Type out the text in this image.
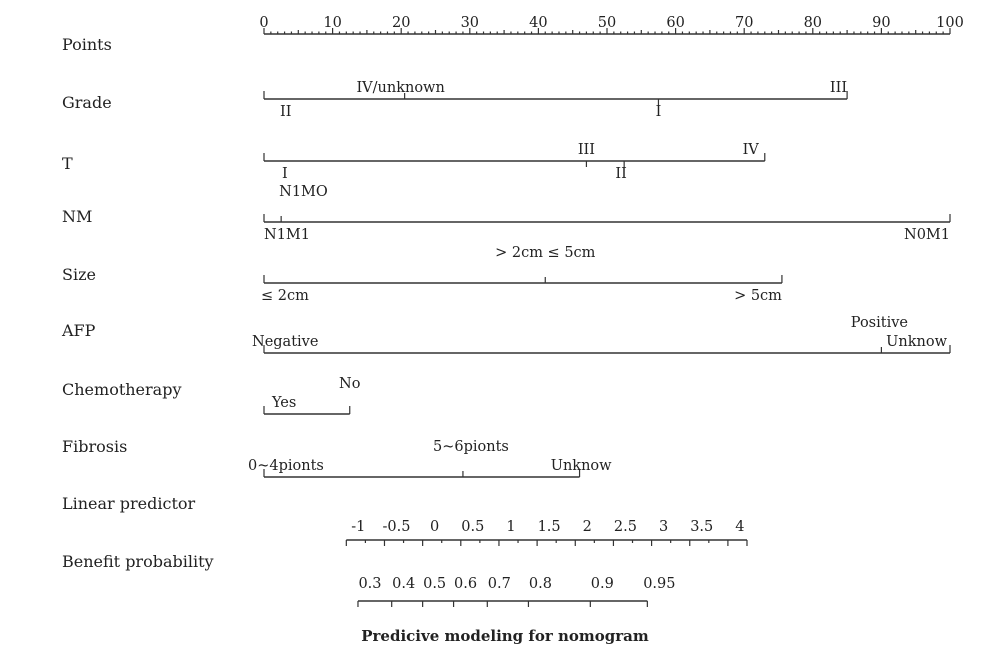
Points
Grade
T
NM
Size
AFP
Chemotherapy
Fibrosis
Linear predictor
Benefit probability
0	10	20	30	40	50	60	70	80	90	100
II
IV/unknown
I
III
I
III
II
IV
N1MO
N1M1	N0M1
≤ 2cm
> 2cm ≤ 5cm
> 5cm
Negative
Positive
Unknow
Yes
No
0~4pionts
5~6pionts
Unknow
-1 -0.5 0 0.5 1 1.5 2 2.5 3 3.5 4
0.3 0.4 0.5 0.6 0.7 0.8	0.9 0.95
Predicive modeling for nomogram
